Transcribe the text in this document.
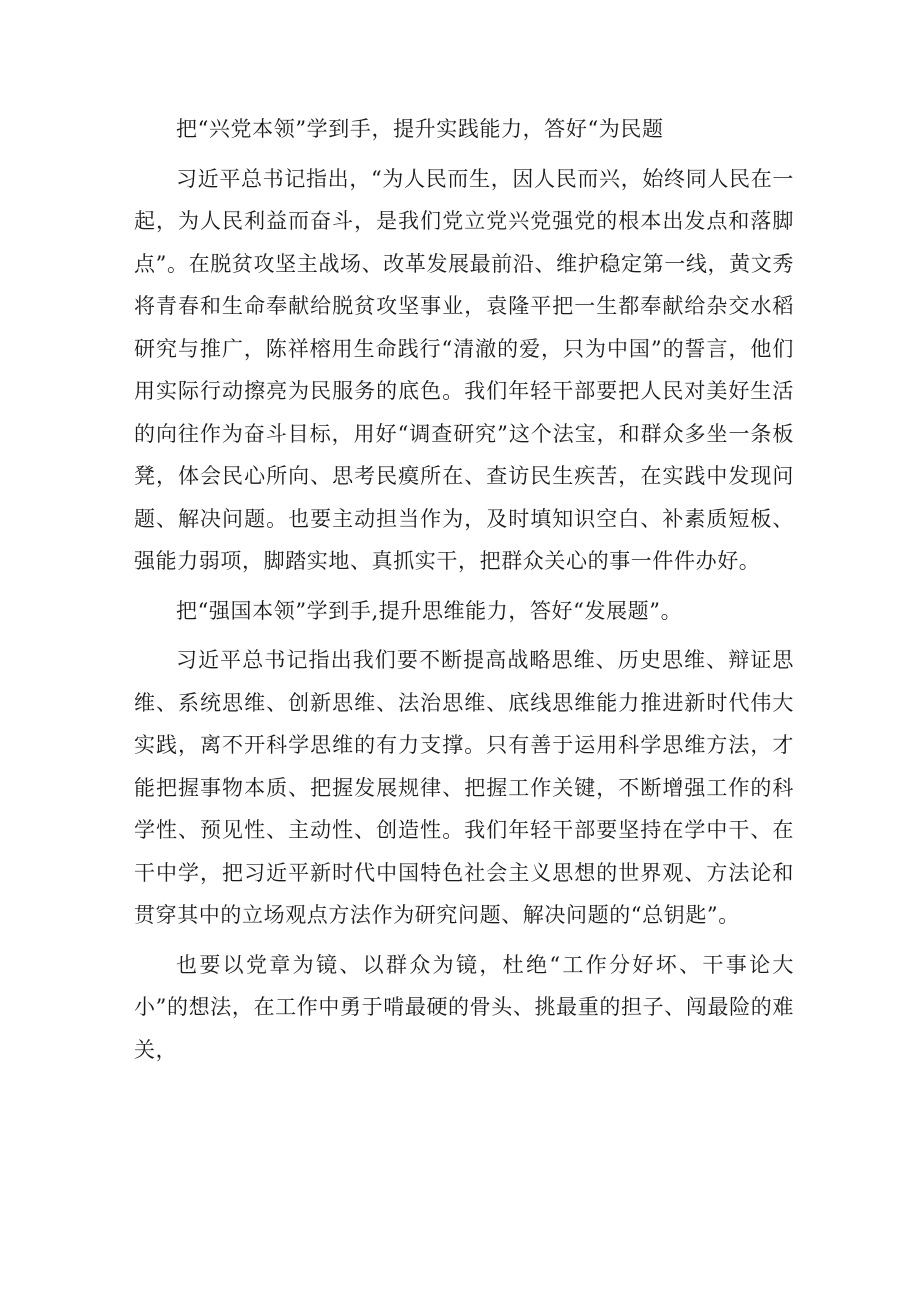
把“兴党本领”学到手，提升实践能力，答好“为民题

习近平总书记指出，“为人民而生，因人民而兴，始终同人民在一起，为人民利益而奋斗，是我们党立党兴党强党的根本出发点和落脚点”。在脱贫攻坚主战场、改革发展最前沿、维护稳定第一线，黄文秀将青春和生命奉献给脱贫攻坚事业，袁隆平把一生都奉献给杂交水稻研究与推广，陈祥榕用生命践行“清澈的爱，只为中国”的誓言，他们用实际行动擦亮为民服务的底色。我们年轻干部要把人民对美好生活的向往作为奋斗目标，用好“调查研究”这个法宝，和群众多坐一条板凳，体会民心所向、思考民瘼所在、查访民生疾苦，在实践中发现问题、解决问题。也要主动担当作为，及时填知识空白、补素质短板、强能力弱项，脚踏实地、真抓实干，把群众关心的事一件件办好。

把“强国本领”学到手,提升思维能力，答好“发展题”。

习近平总书记指出我们要不断提高战略思维、历史思维、辩证思维、系统思维、创新思维、法治思维、底线思维能力推进新时代伟大实践，离不开科学思维的有力支撑。只有善于运用科学思维方法，才能把握事物本质、把握发展规律、把握工作关键，不断增强工作的科学性、预见性、主动性、创造性。我们年轻干部要坚持在学中干、在干中学，把习近平新时代中国特色社会主义思想的世界观、方法论和贯穿其中的立场观点方法作为研究问题、解决问题的“总钥匙”。

也要以党章为镜、以群众为镜，杜绝“工作分好坏、干事论大小”的想法，在工作中勇于啃最硬的骨头、挑最重的担子、闯最险的难关，
